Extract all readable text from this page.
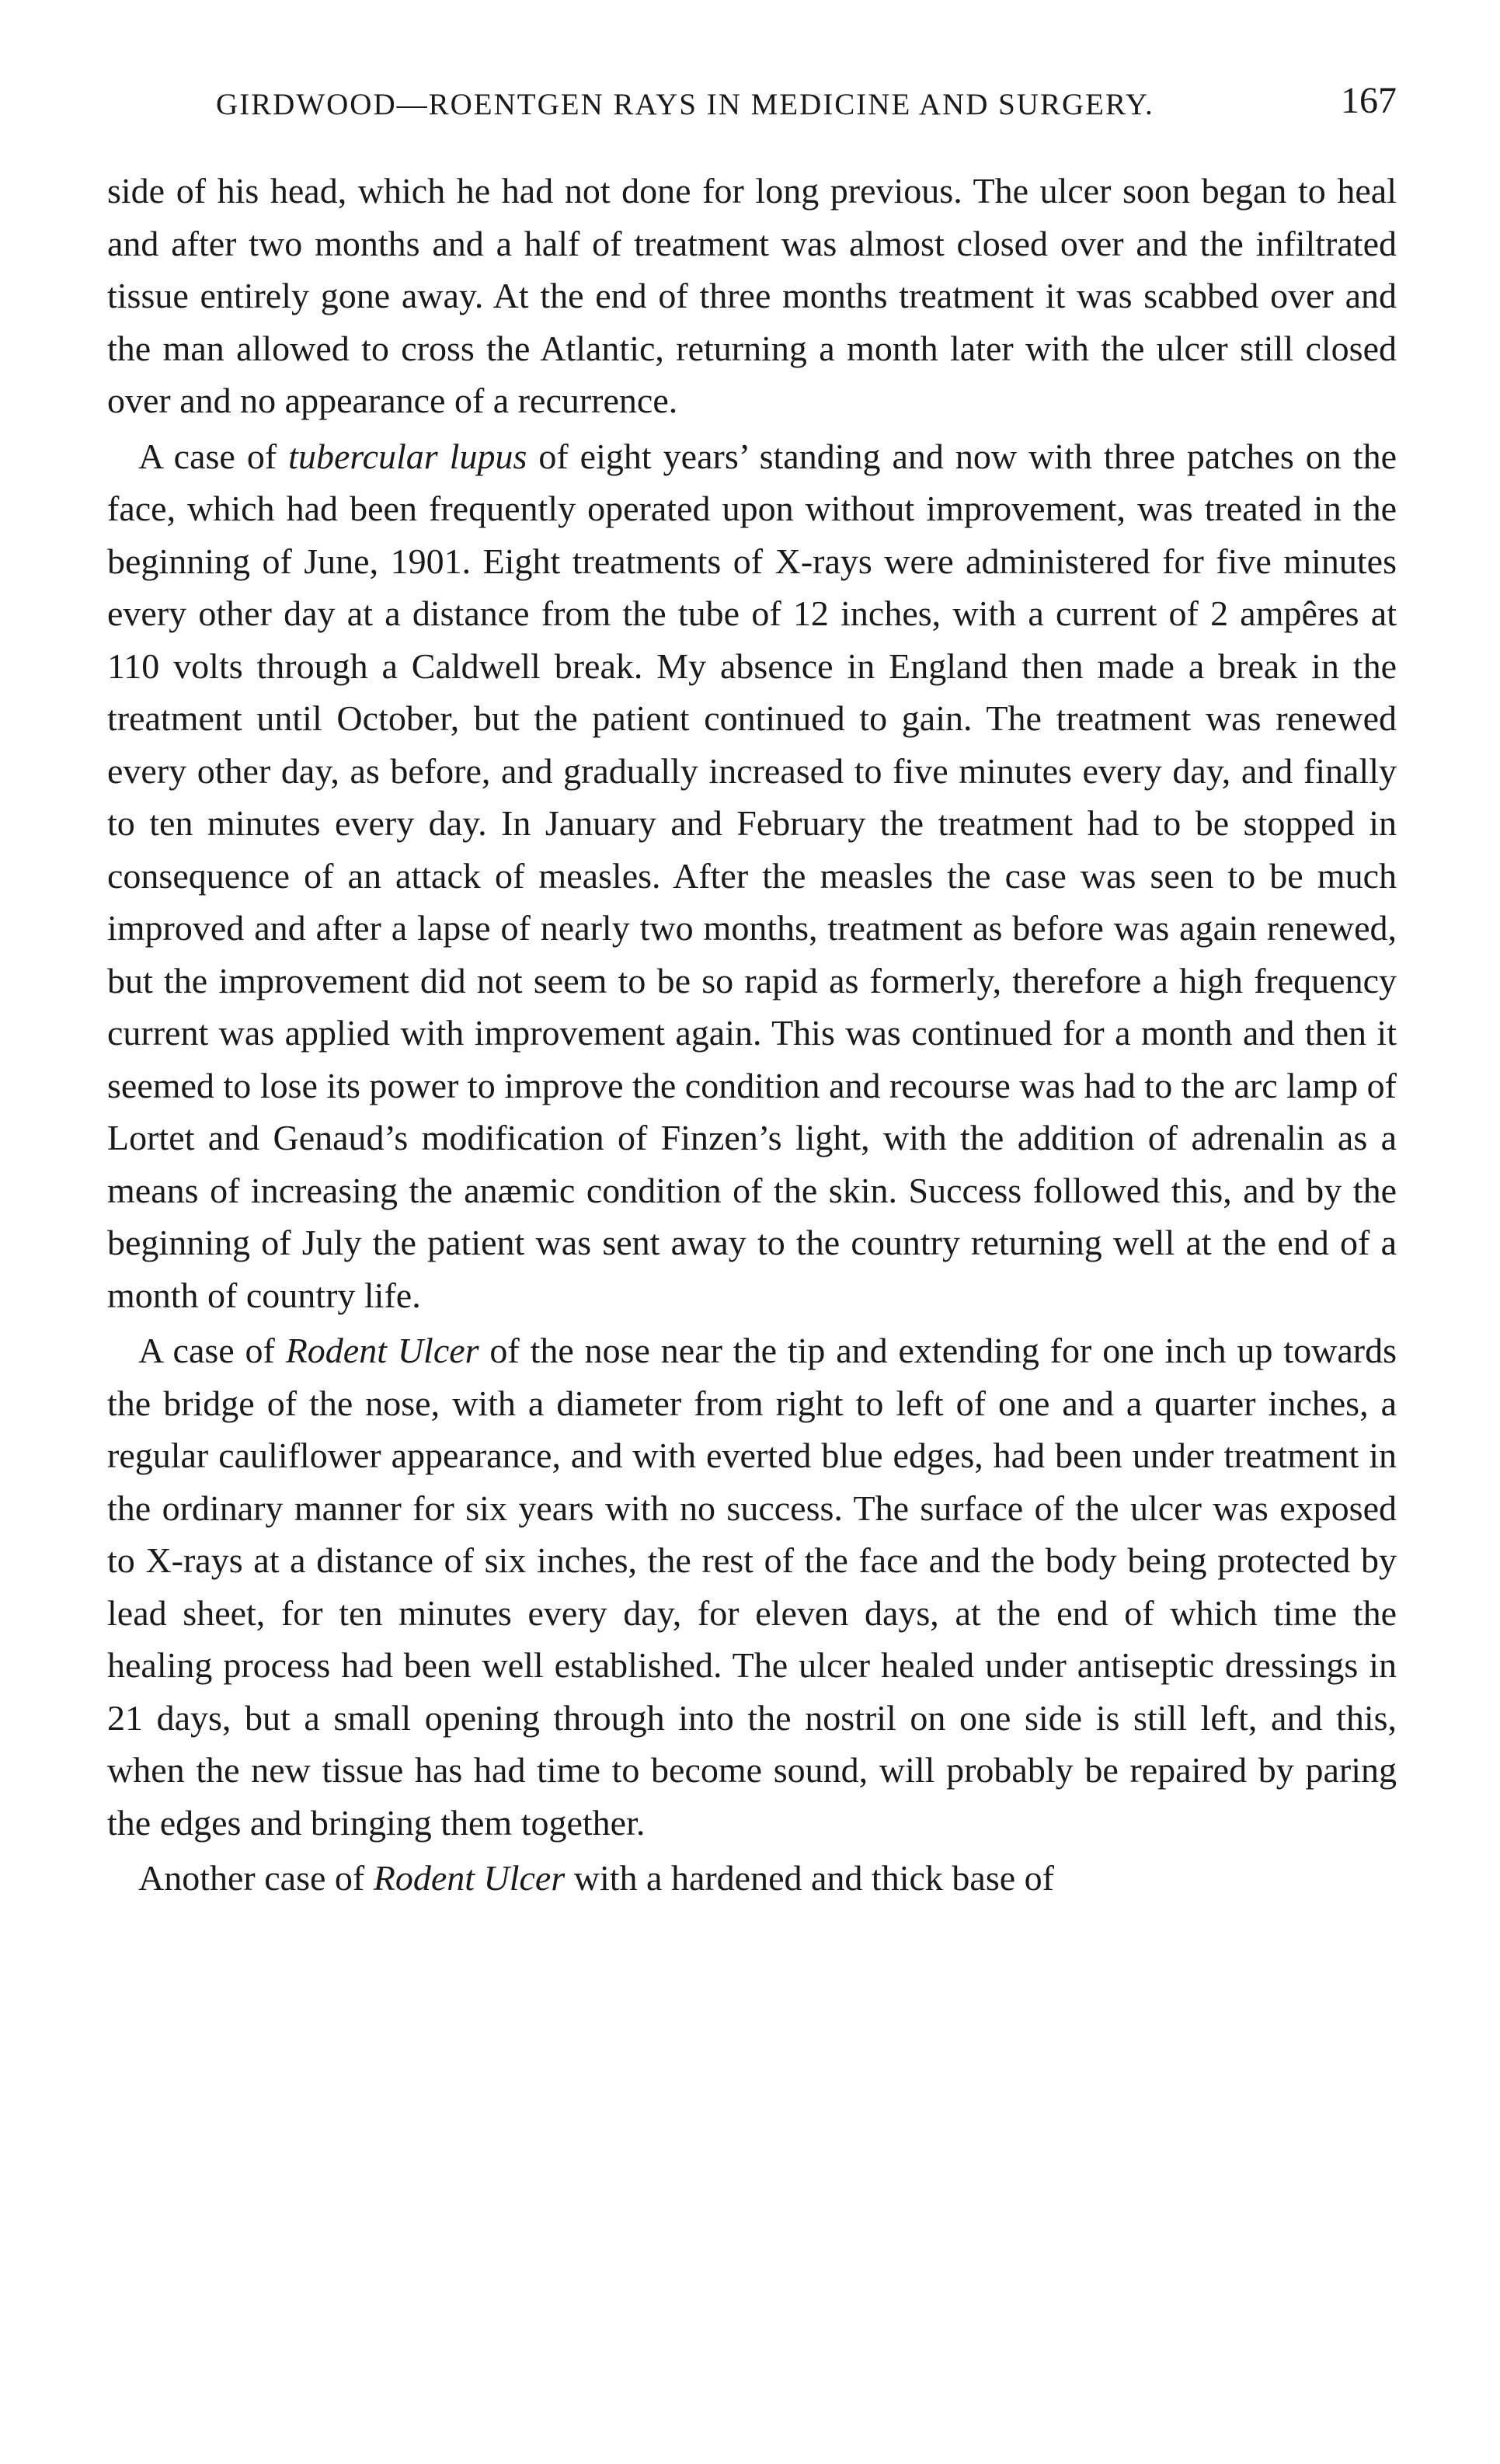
GIRDWOOD—ROENTGEN RAYS IN MEDICINE AND SURGERY.	167

side of his head, which he had not done for long previous. The ulcer soon began to heal and after two months and a half of treatment was almost closed over and the infiltrated tissue entirely gone away. At the end of three months treatment it was scabbed over and the man allowed to cross the Atlantic, returning a month later with the ulcer still closed over and no appearance of a recurrence.

A case of tubercular lupus of eight years’ standing and now with three patches on the face, which had been frequently operated upon without improvement, was treated in the beginning of June, 1901. Eight treatments of X-rays were administered for five minutes every other day at a distance from the tube of 12 inches, with a current of 2 ampêres at 110 volts through a Caldwell break. My absence in England then made a break in the treatment until October, but the patient continued to gain. The treatment was renewed every other day, as before, and gradually increased to five minutes every day, and finally to ten minutes every day. In January and February the treatment had to be stopped in consequence of an attack of measles. After the measles the case was seen to be much improved and after a lapse of nearly two months, treatment as before was again renewed, but the improvement did not seem to be so rapid as formerly, therefore a high frequency current was applied with improvement again. This was continued for a month and then it seemed to lose its power to improve the condition and recourse was had to the arc lamp of Lortet and Genaud’s modification of Finzen’s light, with the addition of adrenalin as a means of increasing the anæmic condition of the skin. Success followed this, and by the beginning of July the patient was sent away to the country returning well at the end of a month of country life.

A case of Rodent Ulcer of the nose near the tip and extending for one inch up towards the bridge of the nose, with a diameter from right to left of one and a quarter inches, a regular cauliflower appearance, and with everted blue edges, had been under treatment in the ordinary manner for six years with no success. The surface of the ulcer was exposed to X-rays at a distance of six inches, the rest of the face and the body being protected by lead sheet, for ten minutes every day, for eleven days, at the end of which time the healing process had been well established. The ulcer healed under antiseptic dressings in 21 days, but a small opening through into the nostril on one side is still left, and this, when the new tissue has had time to become sound, will probably be repaired by paring the edges and bringing them together.

Another case of Rodent Ulcer with a hardened and thick base of
